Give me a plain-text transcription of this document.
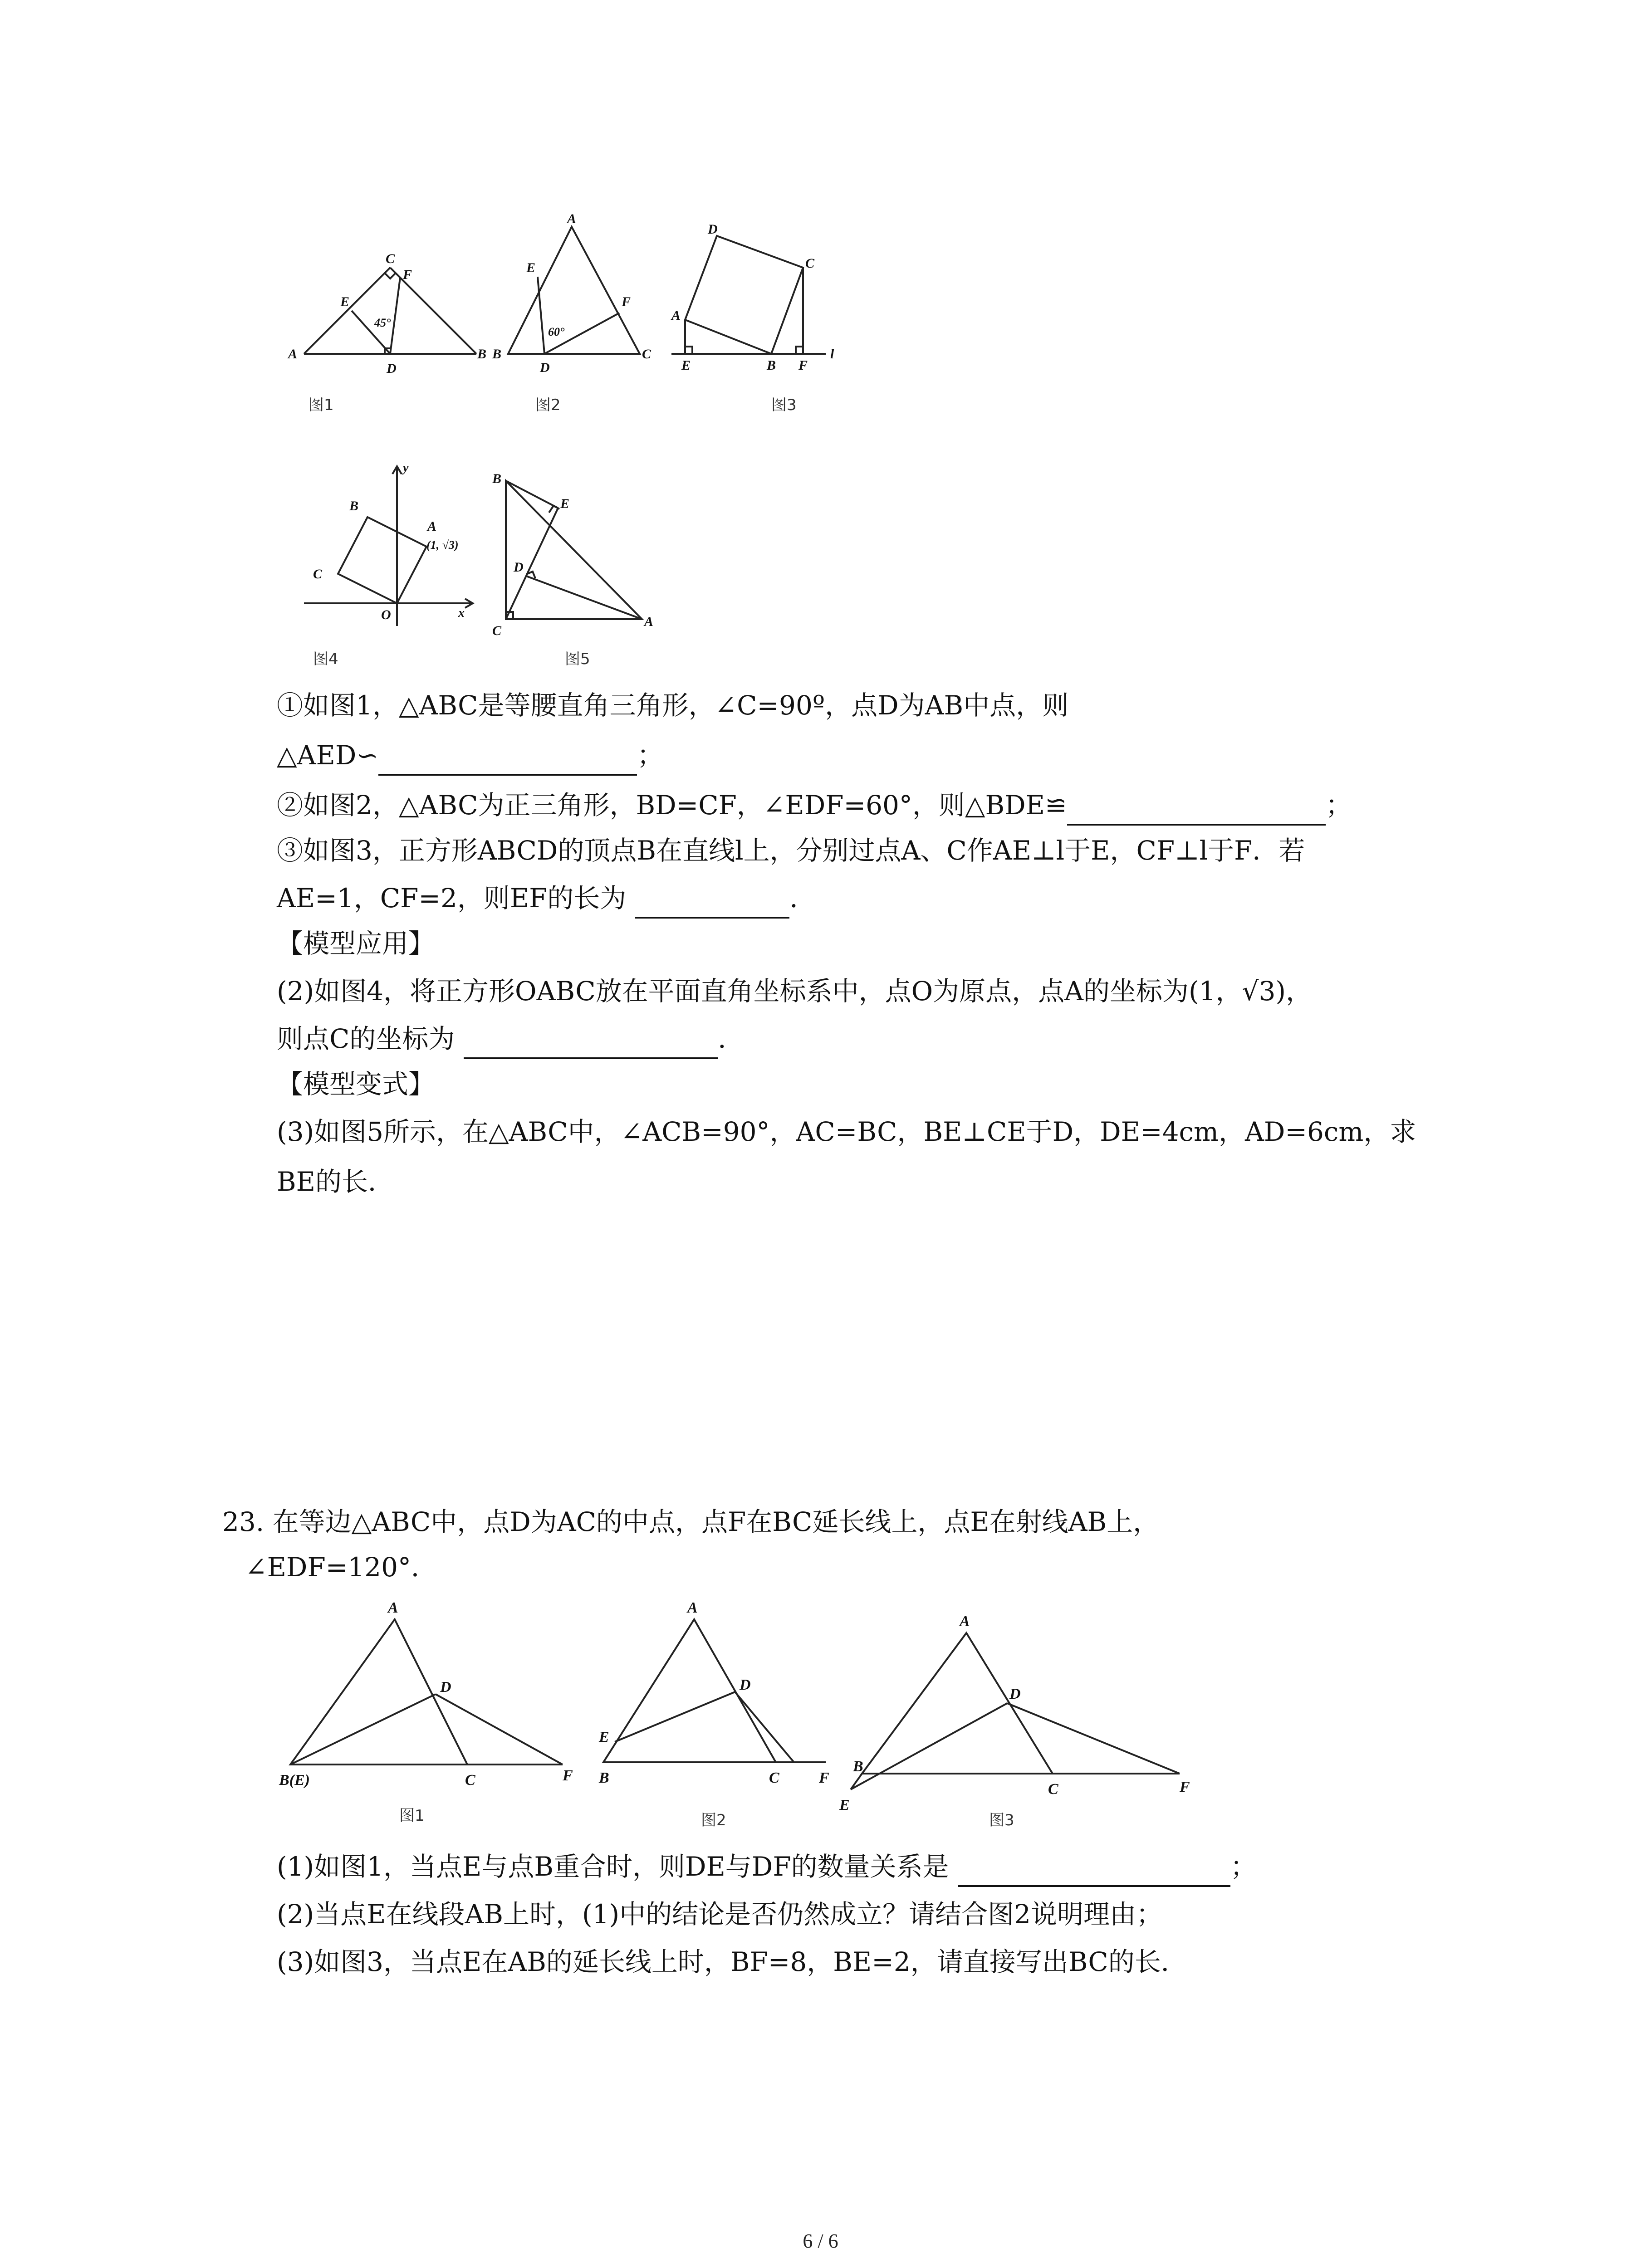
A	B
C
D
E
F
45°
图1
A
B	C
D
E
F
60°
图2
D
C
A
E	B F
l
图3
y
x
O
A
(1, √3)
B
C
图4
B
E
D
C
A
图5
①如图1，△ABC是等腰直角三角形，∠C=90º，点D为AB中点，则
△AED∽	；
②如图2，△ABC为正三角形，BD=CF，∠EDF=60°，则△BDE≌	；
③如图3，正方形ABCD的顶点B在直线l上，分别过点A、C作AE⊥l于E，CF⊥l于F．若
AE=1，CF=2，则EF的长为	．
【模型应用】
(2)如图4，将正方形OABC放在平面直角坐标系中，点O为原点，点A的坐标为(1，√3)，
则点C的坐标为	．
【模型变式】
(3)如图5所示，在△ABC中，∠ACB=90°，AC=BC，BE⊥CE于D，DE=4cm，AD=6cm，求
BE的长．
23. 在等边△ABC中，点D为AC的中点，点F在BC延长线上，点E在射线AB上，
∠EDF=120°．
A
D
B(E)	C	F
图1
A
D
E
B	C	F
图2
A
D
B
E
C	F
图3
(1)如图1，当点E与点B重合时，则DE与DF的数量关系是	；
(2)当点E在线段AB上时，(1)中的结论是否仍然成立？请结合图2说明理由；
(3)如图3，当点E在AB的延长线上时，BF=8，BE=2，请直接写出BC的长．
6 / 6
